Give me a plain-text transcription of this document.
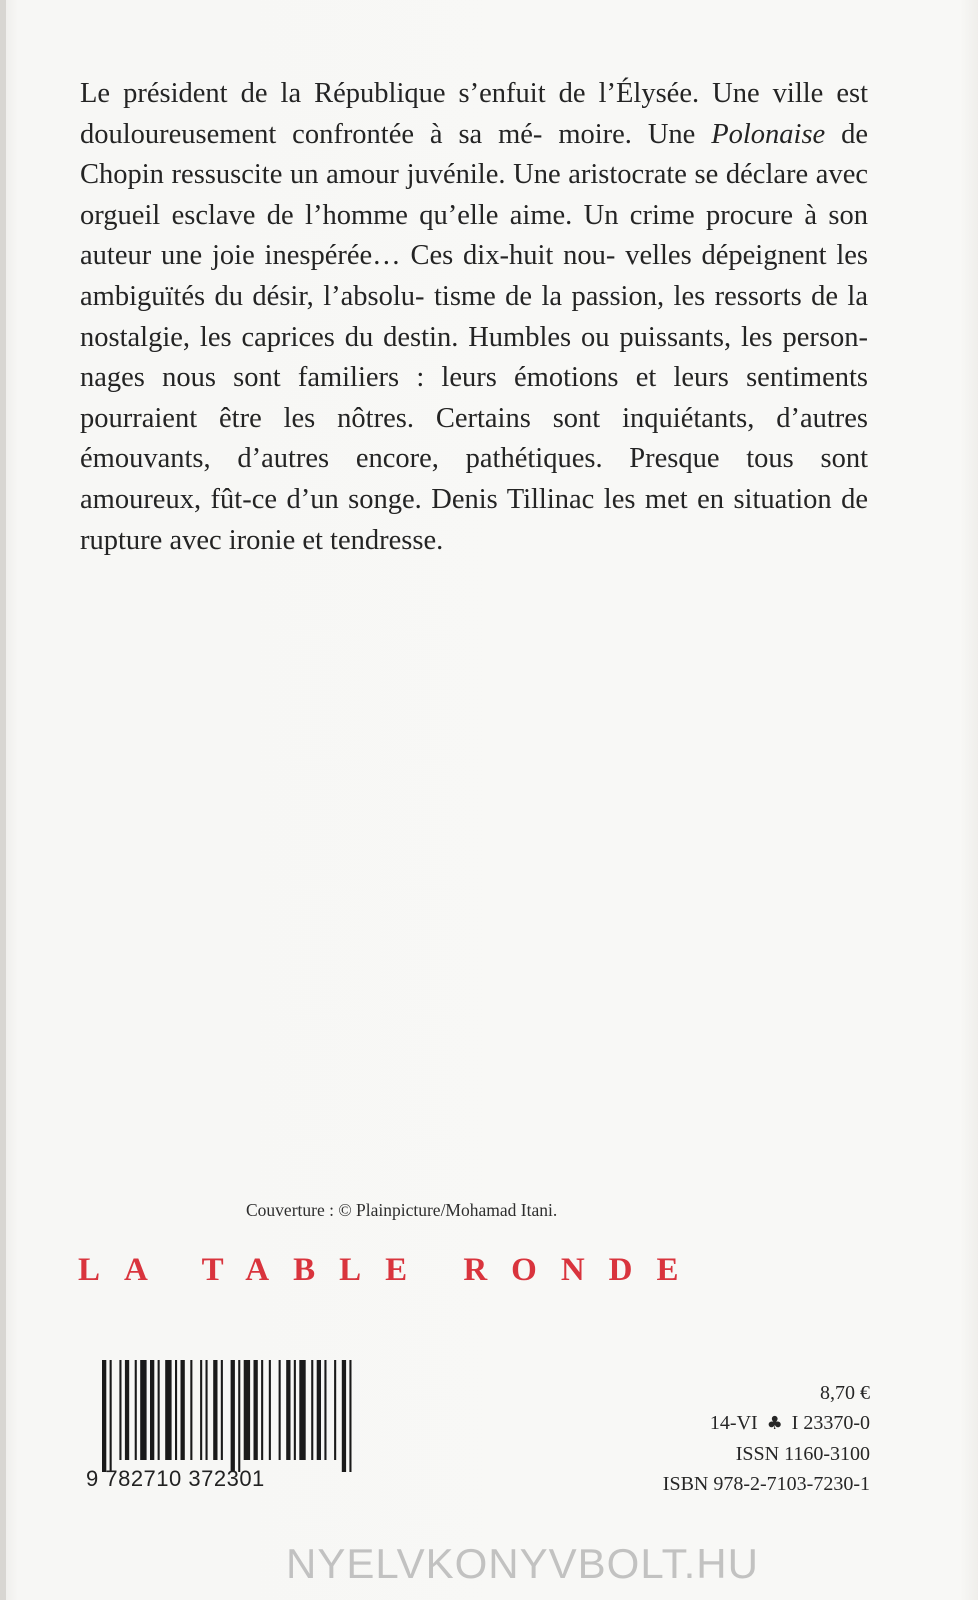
Le président de la République s’enfuit de l’Élysée. Une ville est douloureusement confrontée à sa mé- moire. Une Polonaise de Chopin ressuscite un amour juvénile. Une aristocrate se déclare avec orgueil esclave de l’homme qu’elle aime. Un crime procure à son auteur une joie inespérée… Ces dix-huit nou- velles dépeignent les ambiguïtés du désir, l’absolu- tisme de la passion, les ressorts de la nostalgie, les caprices du destin. Humbles ou puissants, les person- nages nous sont familiers : leurs émotions et leurs sentiments pourraient être les nôtres. Certains sont inquiétants, d’autres émouvants, d’autres encore, pathétiques. Presque tous sont amoureux, fût-ce d’un songe. Denis Tillinac les met en situation de rupture avec ironie et tendresse.

Couverture : © Plainpicture/Mohamad Itani.
LA TABLE RONDE
9 782710 372301
8,70 €
14-VI ♣ I 23370-0
ISSN 1160-3100
ISBN 978-2-7103-7230-1
NYELVKONYVBOLT.HU
